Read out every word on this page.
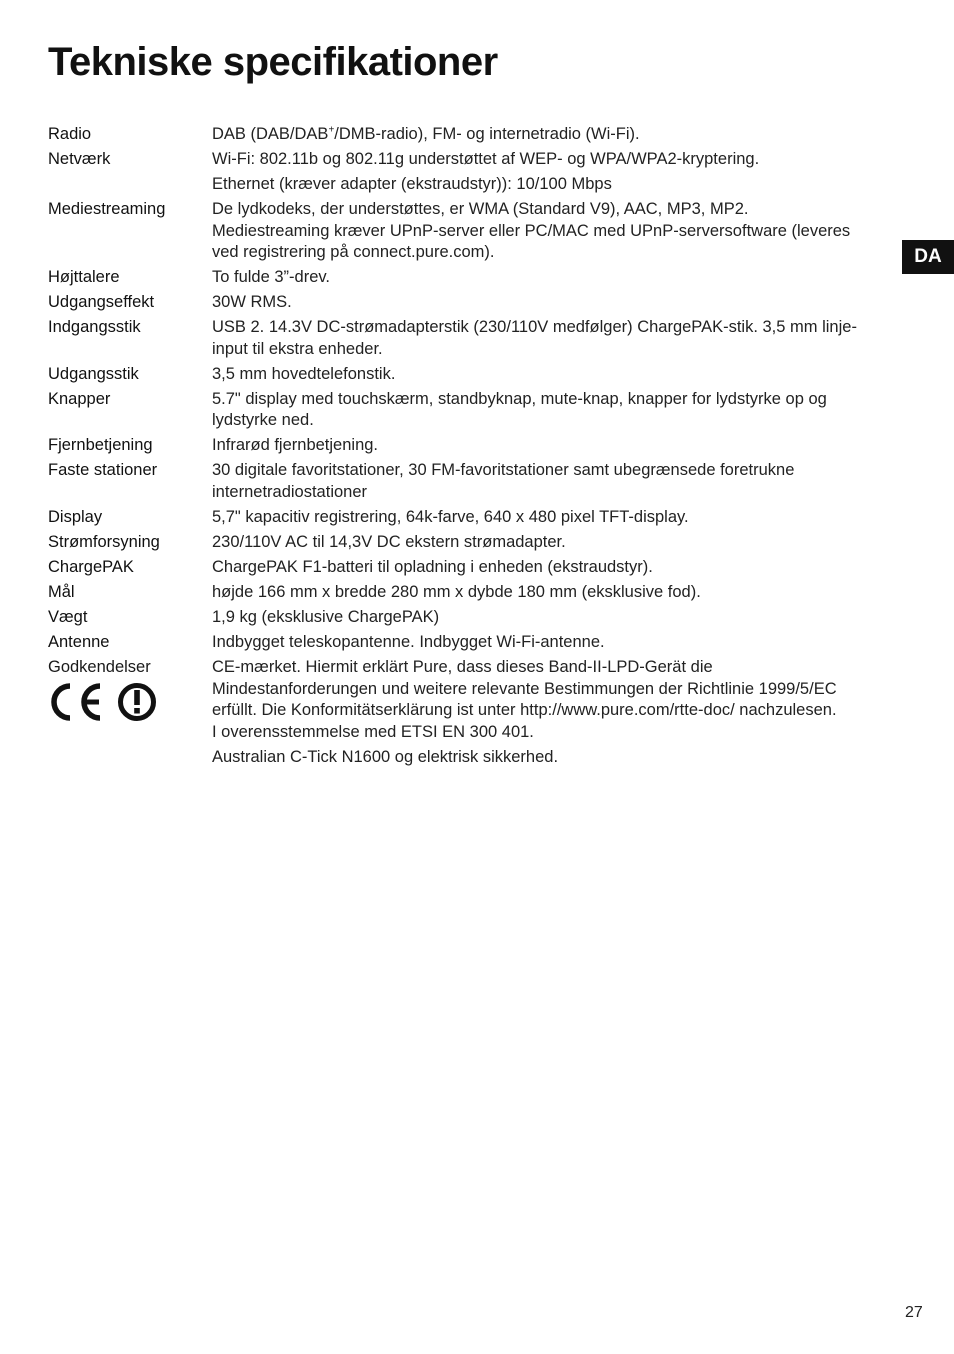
Tekniske specifikationer
DA
Radio	DAB (DAB/DAB+/DMB-radio), FM- og internetradio (Wi-Fi).
Netværk	Wi-Fi: 802.11b og 802.11g understøttet af WEP- og WPA/WPA2-kryptering.
Ethernet (kræver adapter (ekstraudstyr)): 10/100 Mbps
Mediestreaming	De lydkodeks, der understøttes, er WMA (Standard V9), AAC, MP3, MP2.
Mediestreaming kræver UPnP-server eller PC/MAC med UPnP-serversoftware (leveres
ved registrering på connect.pure.com).
Højttalere	To fulde 3”-drev.
Udgangseffekt	30W RMS.
Indgangsstik	USB 2. 14.3V DC-strømadapterstik (230/110V medfølger) ChargePAK-stik. 3,5 mm linje-
input til ekstra enheder.
Udgangsstik	3,5 mm hovedtelefonstik.
Knapper	5.7" display med touchskærm, standbyknap, mute-knap, knapper for lydstyrke op og
lydstyrke ned.
Fjernbetjening	Infrarød fjernbetjening.
Faste stationer	30 digitale favoritstationer, 30 FM-favoritstationer samt ubegrænsede foretrukne
internetradiostationer
Display	5,7" kapacitiv registrering, 64k-farve, 640 x 480 pixel TFT-display.
Strømforsyning	230/110V AC til 14,3V DC ekstern strømadapter.
ChargePAK	ChargePAK F1-batteri til opladning i enheden (ekstraudstyr).
Mål	højde 166 mm x bredde 280 mm x dybde 180 mm (eksklusive fod).
Vægt	1,9 kg (eksklusive ChargePAK)
Antenne	Indbygget teleskopantenne. Indbygget Wi-Fi-antenne.
Godkendelser	CE-mærket. Hiermit erklärt Pure, dass dieses Band-II-LPD-Gerät die
Mindestanforderungen und weitere relevante Bestimmungen der Richtlinie 1999/5/EC
erfüllt. Die Konformitätserklärung ist unter http://www.pure.com/rtte-doc/ nachzulesen.
I overensstemmelse med ETSI EN 300 401.
Australian C-Tick N1600 og elektrisk sikkerhed.
27
